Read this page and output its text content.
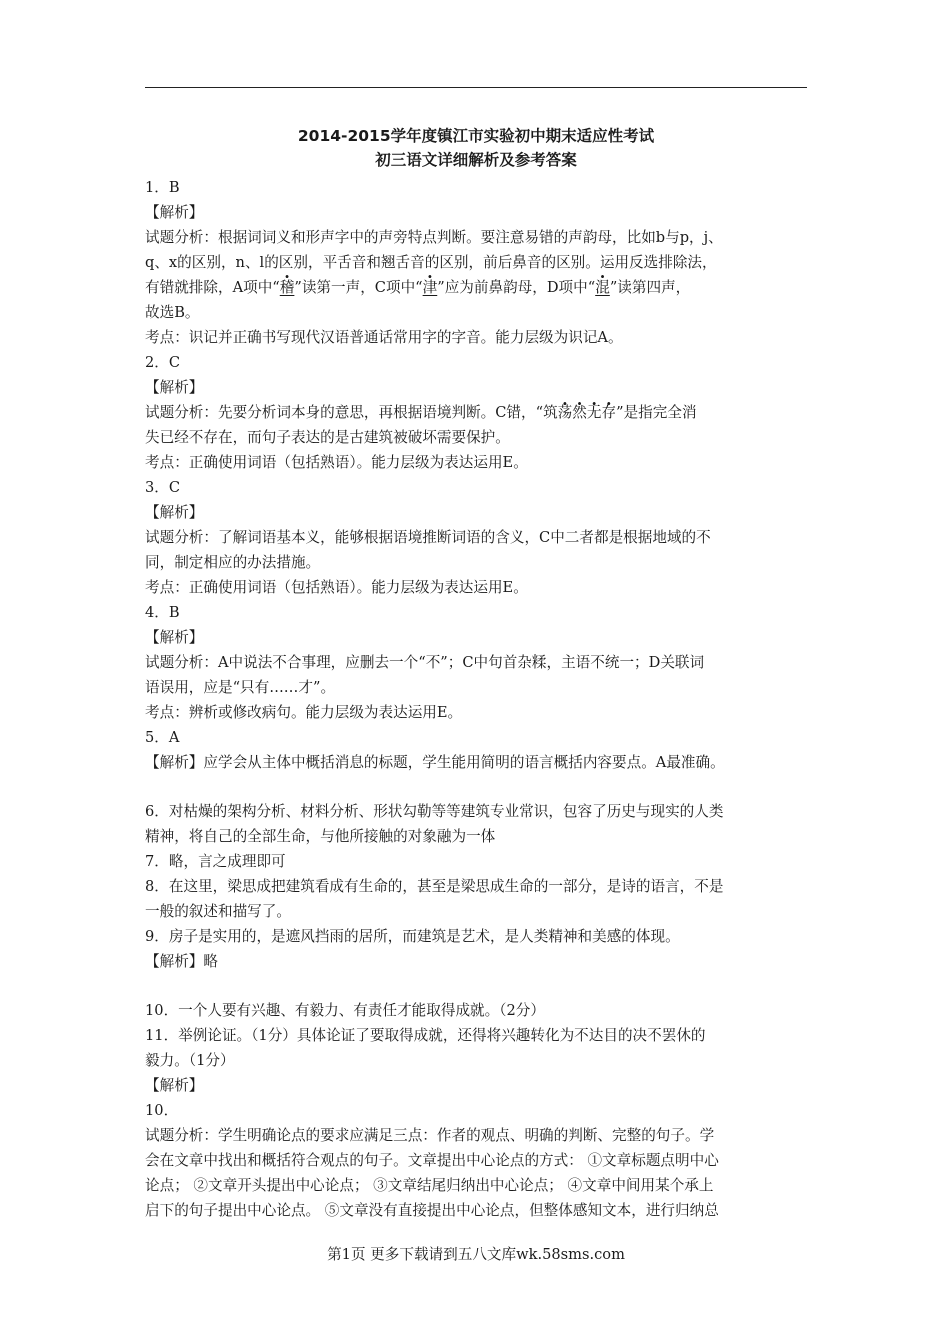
2014-2015学年度镇江市实验初中期末适应性考试
初三语文详细解析及参考答案
1．B
【解析】
试题分析：根据词词义和形声字中的声旁特点判断。要注意易错的声韵母，比如b与p，j、
q、x的区别，n、l的区别，平舌音和翘舌音的区别，前后鼻音的区别。运用反选排除法，
有错就排除，A项中“稽”读第一声，C项中“津”应为前鼻韵母，D项中“混”读第四声，
故选B。
考点：识记并正确书写现代汉语普通话常用字的字音。能力层级为识记A。
2．C
【解析】
试题分析：先要分析词本身的意思，再根据语境判断。C错，“筑荡然无存”是指完全消
失已经不存在，而句子表达的是古建筑被破坏需要保护。
考点：正确使用词语（包括熟语）。能力层级为表达运用E。
3．C
【解析】
试题分析：了解词语基本义，能够根据语境推断词语的含义，C中二者都是根据地域的不
同，制定相应的办法措施。
考点：正确使用词语（包括熟语）。能力层级为表达运用E。
4．B
【解析】
试题分析：A中说法不合事理，应删去一个“不”；C中句首杂糅，主语不统一；D关联词
语误用，应是“只有……才”。
考点：辨析或修改病句。能力层级为表达运用E。
5．A
【解析】应学会从主体中概括消息的标题，学生能用简明的语言概括内容要点。A最准确。
6．对枯燥的架构分析、材料分析、形状勾勒等等建筑专业常识，包容了历史与现实的人类
精神，将自己的全部生命，与他所接触的对象融为一体
7．略，言之成理即可
8．在这里，梁思成把建筑看成有生命的，甚至是梁思成生命的一部分，是诗的语言，不是
一般的叙述和描写了。
9．房子是实用的，是遮风挡雨的居所，而建筑是艺术，是人类精神和美感的体现。
【解析】略
10．一个人要有兴趣、有毅力、有责任才能取得成就。（2分）
11．举例论证。（1分）具体论证了要取得成就，还得将兴趣转化为不达目的决不罢休的
毅力。（1分）
【解析】
10．
试题分析：学生明确论点的要求应满足三点：作者的观点、明确的判断、完整的句子。学
会在文章中找出和概括符合观点的句子。文章提出中心论点的方式： ①文章标题点明中心
论点； ②文章开头提出中心论点； ③文章结尾归纳出中心论点； ④文章中间用某个承上
启下的句子提出中心论点。 ⑤文章没有直接提出中心论点，但整体感知文本，进行归纳总
第1页 更多下载请到五八文库wk.58sms.com
